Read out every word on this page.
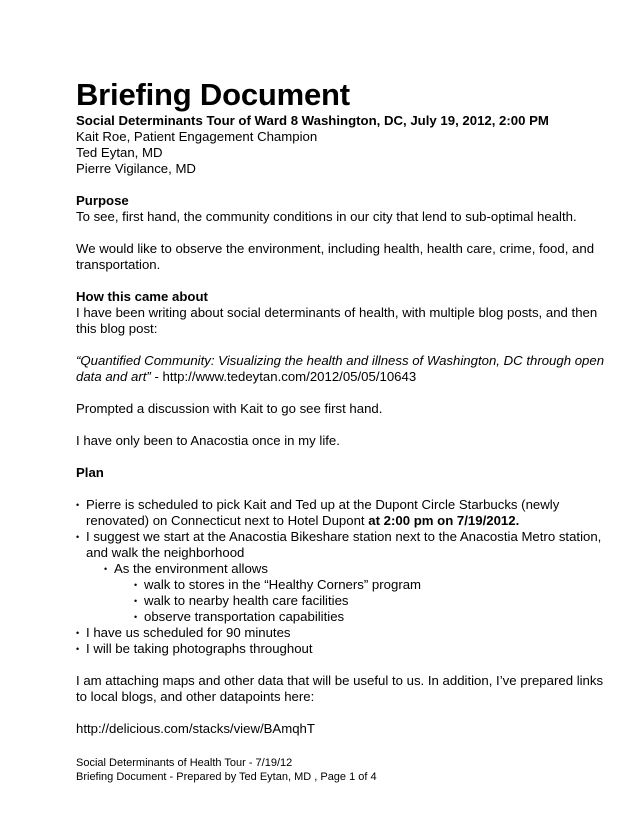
Briefing Document

Social Determinants Tour of Ward 8 Washington, DC, July 19, 2012, 2:00 PM

Kait Roe, Patient Engagement Champion

Ted Eytan, MD

Pierre Vigilance, MD

Purpose

To see, first hand, the community conditions in our city that lend to sub-optimal health.

We would like to observe the environment, including health, health care, crime, food, and transportation.

How this came about

I have been writing about social determinants of health, with multiple blog posts, and then this blog post:

“Quantified Community: Visualizing the health and illness of Washington, DC through open data and art” - http://www.tedeytan.com/2012/05/05/10643

Prompted a discussion with Kait to go see first hand.

I have only been to Anacostia once in my life.

Plan

• Pierre is scheduled to pick Kait and Ted up at the Dupont Circle Starbucks (newly renovated) on Connecticut next to Hotel Dupont at 2:00 pm on 7/19/2012.
• I suggest we start at the Anacostia Bikeshare station next to the Anacostia Metro station, and walk the neighborhood
• As the environment allows
• walk to stores in the “Healthy Corners” program
• walk to nearby health care facilities
• observe transportation capabilities
• I have us scheduled for 90 minutes
• I will be taking photographs throughout

I am attaching maps and other data that will be useful to us. In addition, I’ve prepared links to local blogs, and other datapoints here:

http://delicious.com/stacks/view/BAmqhT

Social Determinants of Health Tour - 7/19/12
Briefing Document - Prepared by Ted Eytan, MD , Page 1 of 4
